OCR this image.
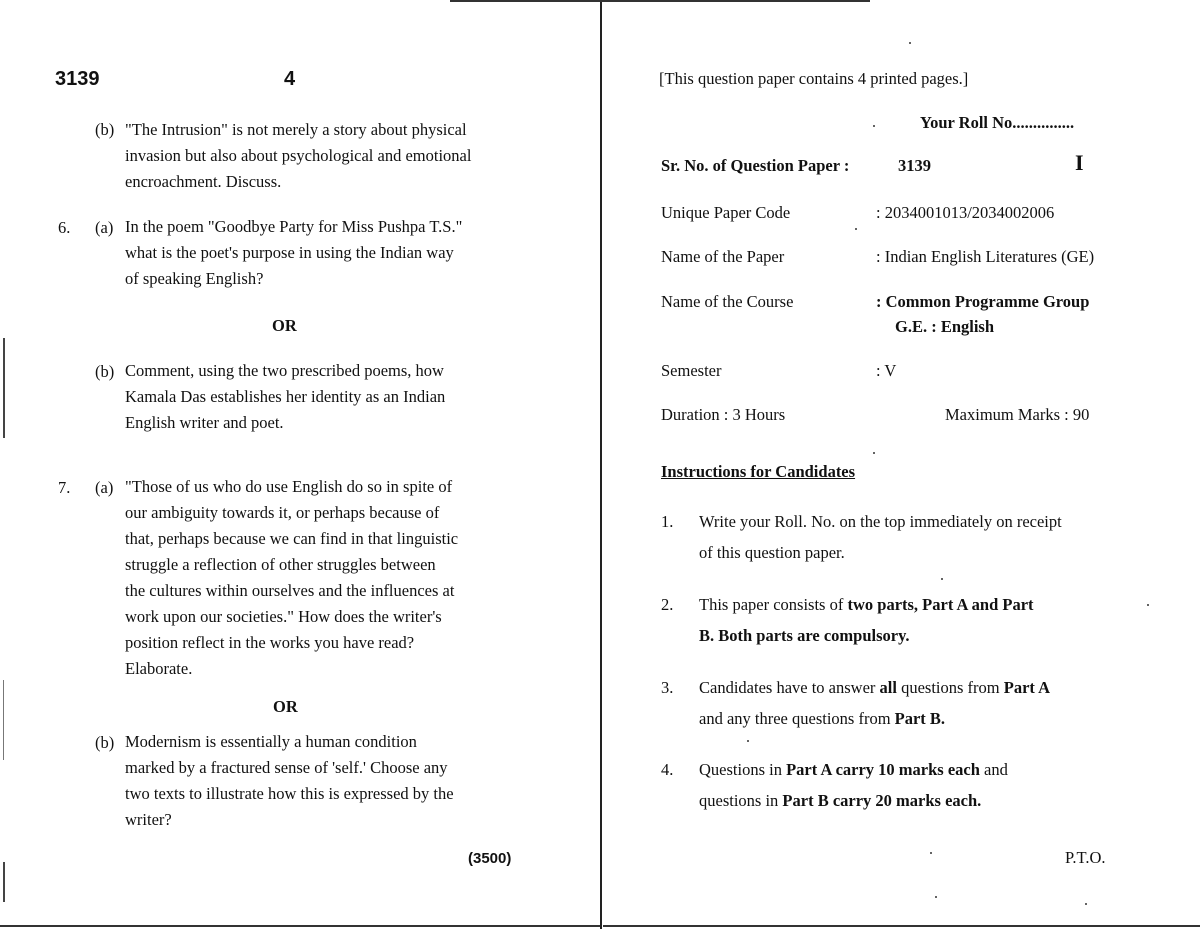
3139	4
(b) "The Intrusion" is not merely a story about physical
invasion but also about psychological and emotional
encroachment. Discuss.
6. (a) In the poem "Goodbye Party for Miss Pushpa T.S."
what is the poet's purpose in using the Indian way
of speaking English?
OR
(b) Comment, using the two prescribed poems, how
Kamala Das establishes her identity as an Indian
English writer and poet.
7. (a) "Those of us who do use English do so in spite of
our ambiguity towards it, or perhaps because of
that, perhaps because we can find in that linguistic
struggle a reflection of other struggles between
the cultures within ourselves and the influences at
work upon our societies." How does the writer's
position reflect in the works you have read?
Elaborate.
OR
(b) Modernism is essentially a human condition
marked by a fractured sense of 'self.' Choose any
two texts to illustrate how this is expressed by the
writer?
(3500)
[This question paper contains 4 printed pages.]
Your Roll No...............
Sr. No. of Question Paper :	3139	I
Unique Paper Code	: 2034001013/2034002006
Name of the Paper	: Indian English Literatures (GE)
Name of the Course	: Common Programme Group
G.E. : English
Semester	: V
Duration : 3 Hours	Maximum Marks : 90
Instructions for Candidates
1. Write your Roll. No. on the top immediately on receipt
of this question paper.
2. This paper consists of two parts, Part A and Part
B. Both parts are compulsory.
3. Candidates have to answer all questions from Part A
and any three questions from Part B.
4. Questions in Part A carry 10 marks each and
questions in Part B carry 20 marks each.
P.T.O.
